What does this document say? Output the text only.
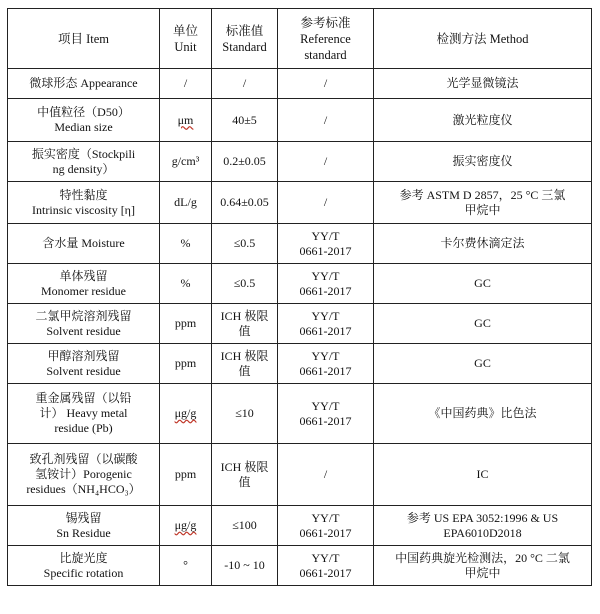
项目 Item	单位
Unit	标准值
Standard	参考标准
Reference
standard	检测方法 Method

微球形态 Appearance	/	/	/	光学显微镜法

中值粒径（D50）
Median size	μm	40±5	/	激光粒度仪

振实密度（Stockpili
ng density）	g/cm³	0.2±0.05	/	振实密度仪

特性黏度
Intrinsic viscosity [η]	dL/g	0.64±0.05	/	参考 ASTM D 2857，25 °C 三氯
甲烷中

含水量 Moisture	%	≤0.5	YY/T
0661-2017	卡尔费休滴定法

单体残留
Monomer residue	%	≤0.5	YY/T
0661-2017	GC

二氯甲烷溶剂残留
Solvent residue	ppm	ICH 极限
值	YY/T
0661-2017	GC

甲醇溶剂残留
Solvent residue	ppm	ICH 极限
值	YY/T
0661-2017	GC

重金属残留（以铅
计） Heavy metal
residue (Pb)	μg/g	≤10	YY/T
0661-2017	《中国药典》比色法

致孔剂残留（以碳酸
氢铵计）Porogenic
residues（NH₄HCO₃）	ppm	ICH 极限
值	/	IC

锡残留
Sn Residue	μg/g	≤100	YY/T
0661-2017	参考 US EPA 3052:1996 & US
EPA6010D2018

比旋光度
Specific rotation	°	-10 ~ 10	YY/T
0661-2017	中国药典旋光检测法，20 °C 二氯
甲烷中
